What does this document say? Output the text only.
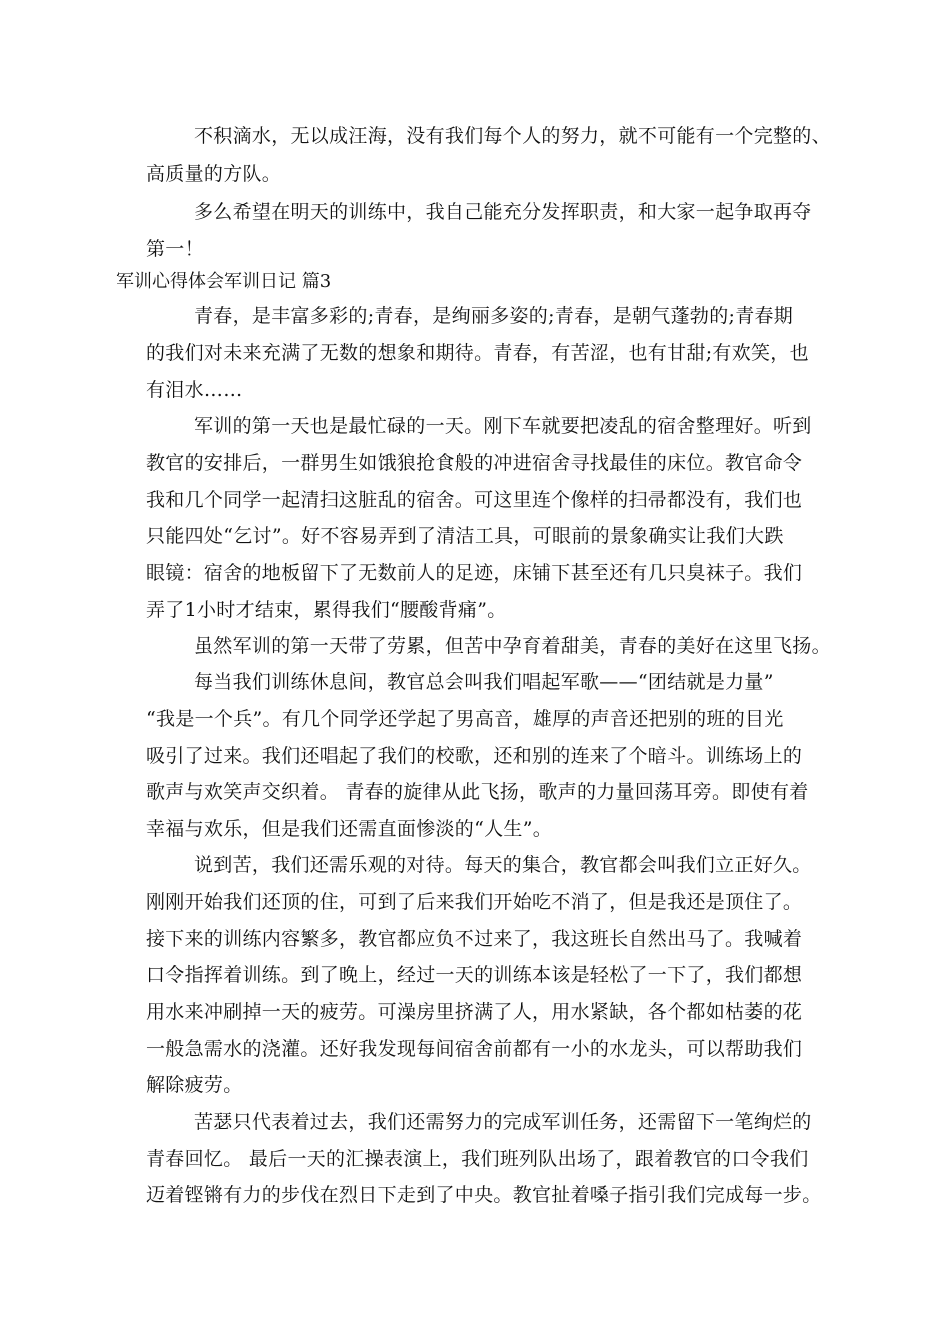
不积滴水，无以成汪海，没有我们每个人的努力，就不可能有一个完整的、
高质量的方队。
多么希望在明天的训练中，我自己能充分发挥职责，和大家一起争取再夺
第一！
军训心得体会军训日记 篇3
青春，是丰富多彩的;青春，是绚丽多姿的;青春，是朝气蓬勃的;青春期
的我们对未来充满了无数的想象和期待。青春，有苦涩，也有甘甜;有欢笑，也
有泪水……
军训的第一天也是最忙碌的一天。刚下车就要把凌乱的宿舍整理好。听到
教官的安排后，一群男生如饿狼抢食般的冲进宿舍寻找最佳的床位。教官命令
我和几个同学一起清扫这脏乱的宿舍。可这里连个像样的扫帚都没有，我们也
只能四处“乞讨”。好不容易弄到了清洁工具，可眼前的景象确实让我们大跌
眼镜：宿舍的地板留下了无数前人的足迹，床铺下甚至还有几只臭袜子。我们
弄了1小时才结束，累得我们“腰酸背痛”。
虽然军训的第一天带了劳累，但苦中孕育着甜美，青春的美好在这里飞扬。
每当我们训练休息间，教官总会叫我们唱起军歌——“团结就是力量”
“我是一个兵”。有几个同学还学起了男高音，雄厚的声音还把别的班的目光
吸引了过来。我们还唱起了我们的校歌，还和别的连来了个暗斗。训练场上的
歌声与欢笑声交织着。 青春的旋律从此飞扬，歌声的力量回荡耳旁。即使有着
幸福与欢乐，但是我们还需直面惨淡的“人生”。
说到苦，我们还需乐观的对待。每天的集合，教官都会叫我们立正好久。
刚刚开始我们还顶的住，可到了后来我们开始吃不消了，但是我还是顶住了。
接下来的训练内容繁多，教官都应负不过来了，我这班长自然出马了。我喊着
口令指挥着训练。到了晚上，经过一天的训练本该是轻松了一下了，我们都想
用水来冲刷掉一天的疲劳。可澡房里挤满了人，用水紧缺，各个都如枯萎的花
一般急需水的浇灌。还好我发现每间宿舍前都有一小的水龙头，可以帮助我们
解除疲劳。
苦瑟只代表着过去，我们还需努力的完成军训任务，还需留下一笔绚烂的
青春回忆。 最后一天的汇操表演上，我们班列队出场了，跟着教官的口令我们
迈着铿锵有力的步伐在烈日下走到了中央。教官扯着嗓子指引我们完成每一步。
